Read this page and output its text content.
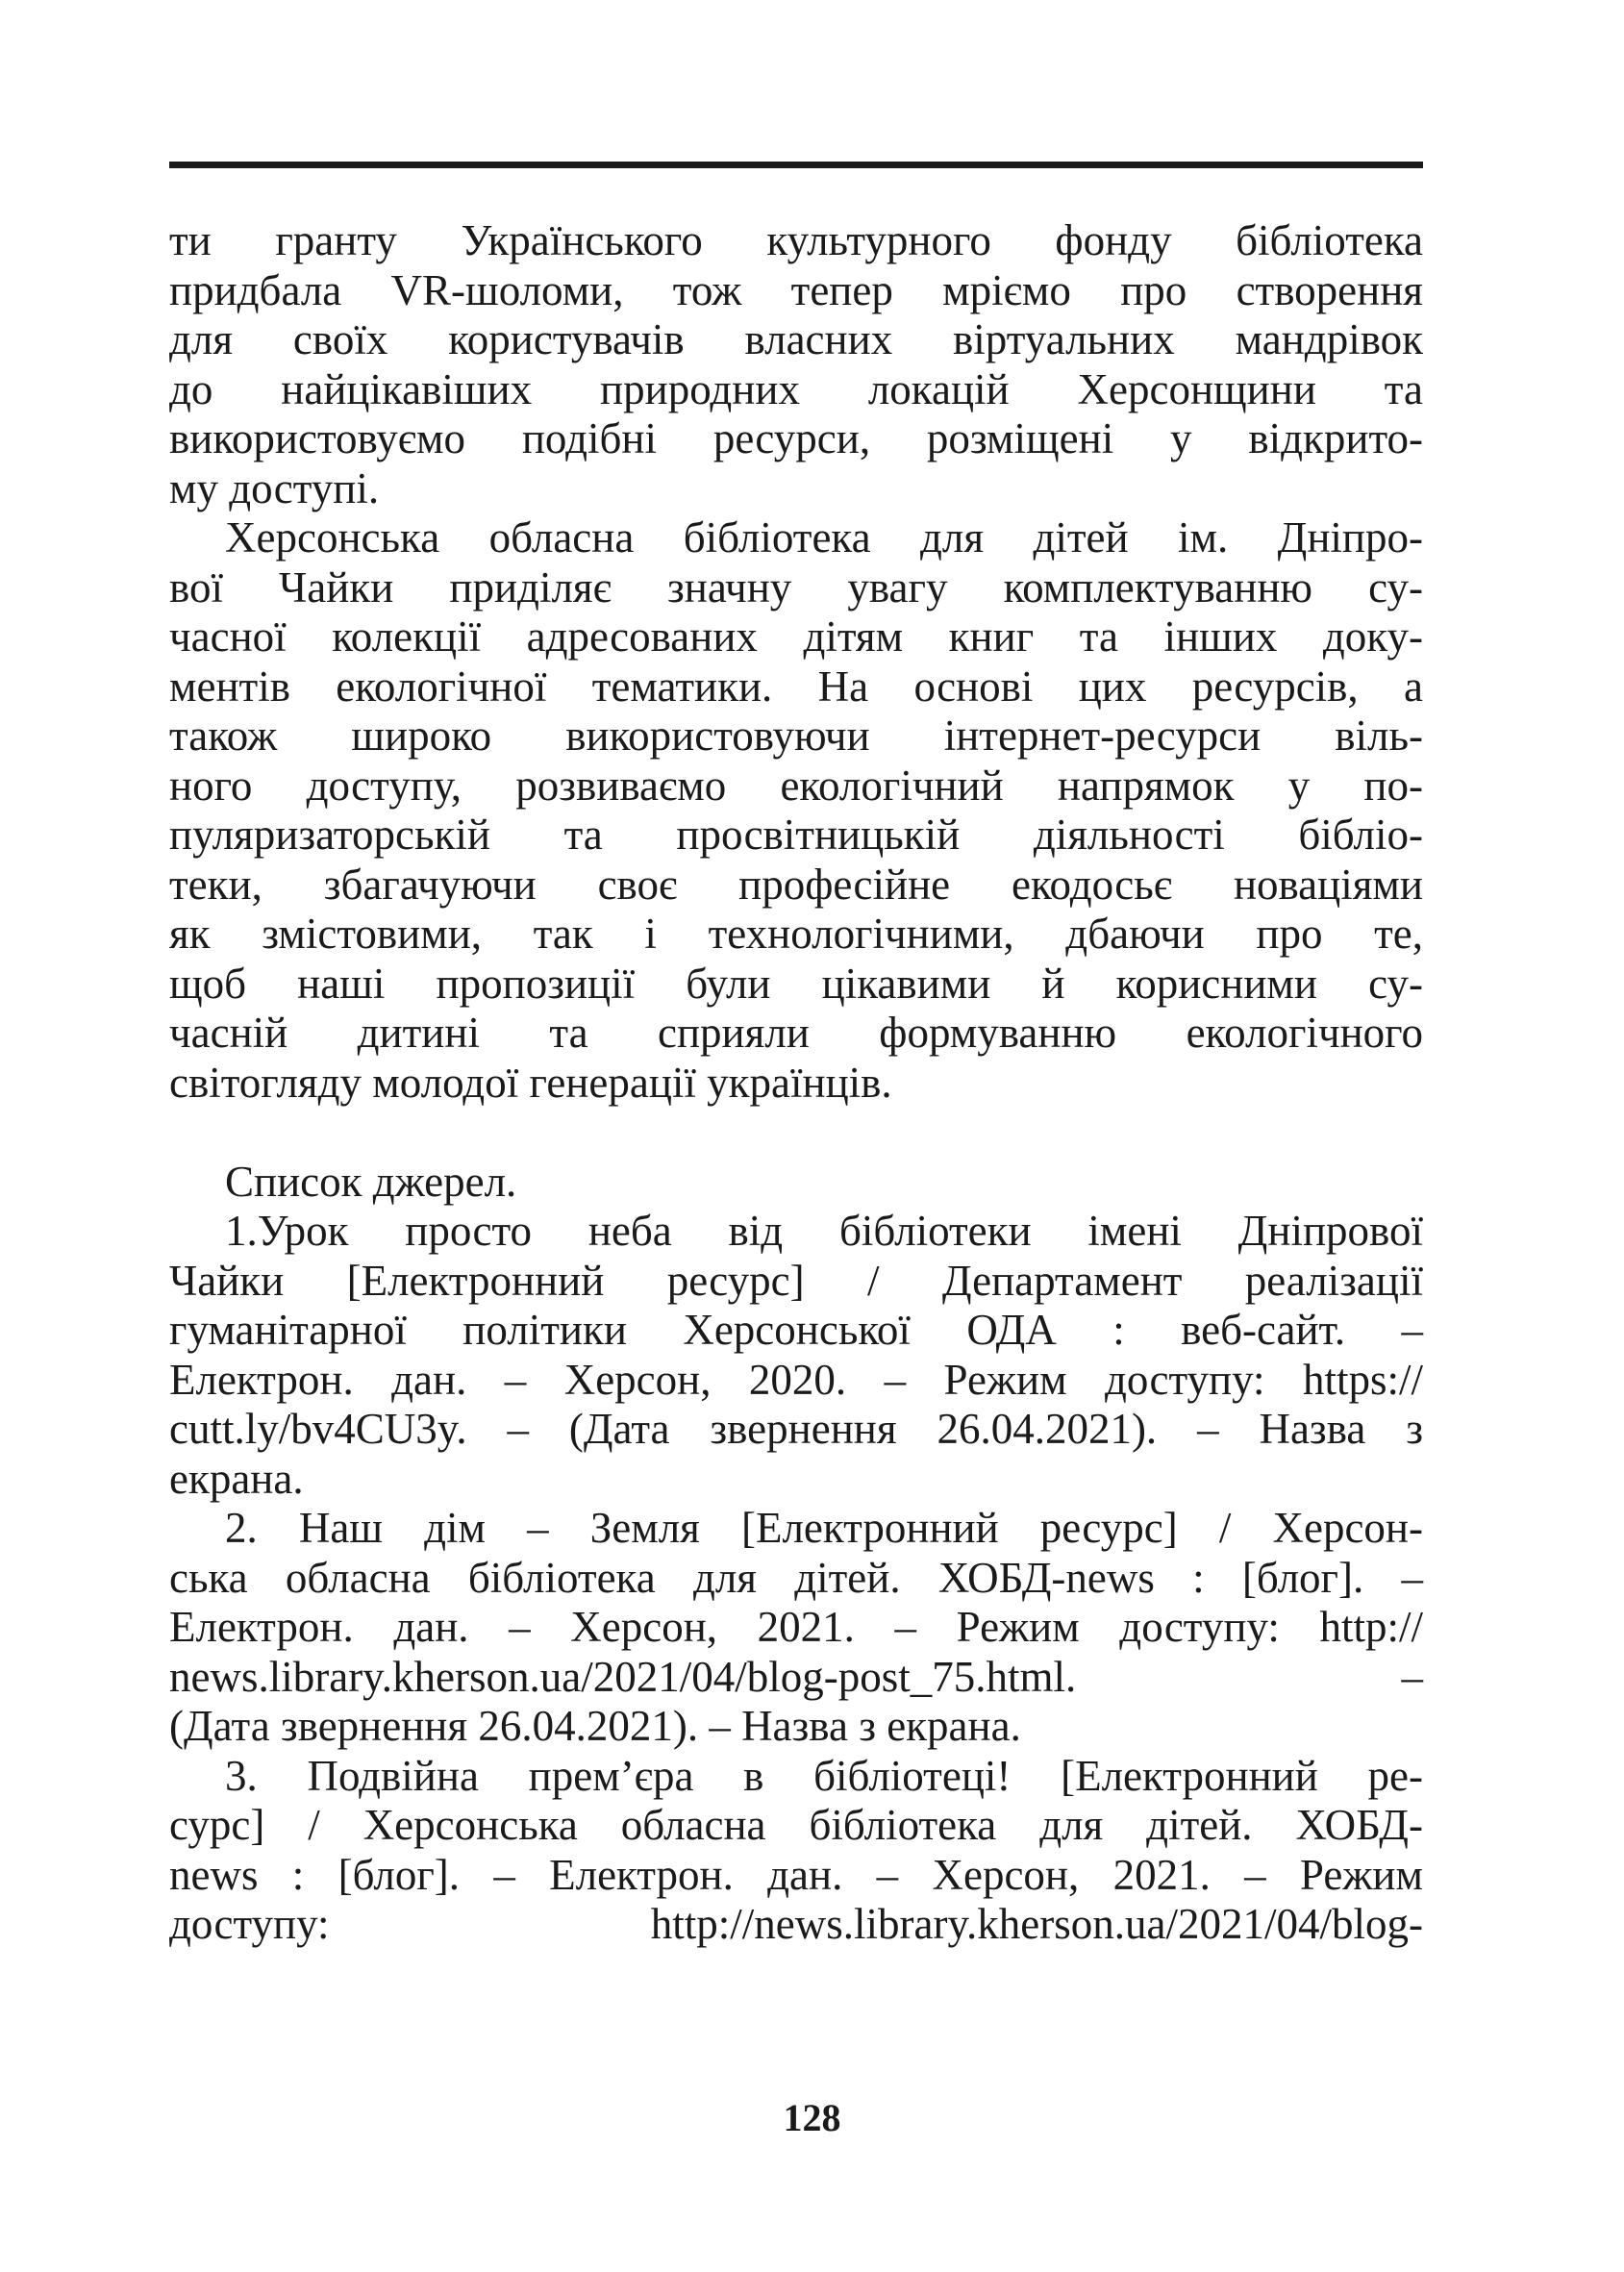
ти гранту Українського культурного фонду бібліотека
придбала VR-шоломи, тож тепер мріємо про створення
для своїх користувачів власних віртуальних мандрівок
до найцікавіших природних локацій Херсонщини та
використовуємо подібні ресурси, розміщені у відкрито-
му доступі.
Херсонська обласна бібліотека для дітей ім. Дніпро-
вої Чайки приділяє значну увагу комплектуванню су-
часної колекції адресованих дітям книг та інших доку-
ментів екологічної тематики. На основі цих ресурсів, а
також широко використовуючи інтернет-ресурси віль-
ного доступу, розвиваємо екологічний напрямок у по-
пуляризаторській та просвітницькій діяльності бібліо-
теки, збагачуючи своє професійне екодосьє новаціями
як змістовими, так і технологічними, дбаючи про те,
щоб наші пропозиції були цікавими й корисними су-
часній дитині та сприяли формуванню екологічного
світогляду молодої генерації українців.
Список джерел.
1.Урок просто неба від бібліотеки імені Дніпрової
Чайки [Електронний ресурс] / Департамент реалізації
гуманітарної політики Херсонської ОДА : веб-сайт. –
Електрон. дан. – Херсон, 2020. – Режим доступу: https://
cutt.ly/bv4CU3y. – (Дата звернення 26.04.2021). – Назва з
екрана.
2. Наш дім – Земля [Електронний ресурс] / Херсон-
ська обласна бібліотека для дітей. ХОБД-news : [блог]. –
Електрон. дан. – Херсон, 2021. – Режим доступу: http://
news.library.kherson.ua/2021/04/blog-post_75.html. –
(Дата звернення 26.04.2021). – Назва з екрана.
3. Подвійна прем’єра в бібліотеці! [Електронний ре-
сурс] / Херсонська обласна бібліотека для дітей. ХОБД-
news : [блог]. – Електрон. дан. – Херсон, 2021. – Режим
доступу: http://news.library.kherson.ua/2021/04/blog-
128
